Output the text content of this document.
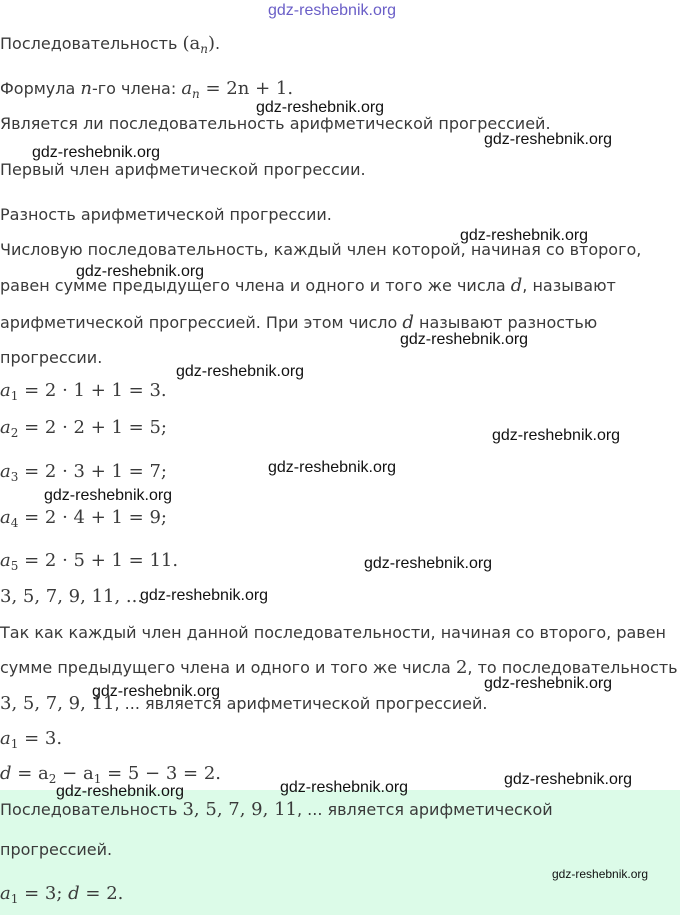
gdz-reshebnik.org
Последовательность $(a_n)$.
Формула n-го члена: $a_n = 2n + 1$.
Является ли последовательность арифметической прогрессией.
Первый член арифметической прогрессии.
Разность арифметической прогрессии.
Числовую последовательность, каждый член которой, начиная со второго,
равен сумме предыдущего члена и одного и того же числа d, называют
арифметической прогрессией. При этом число d называют разностью
прогрессии.
$a_1 = 2 \cdot 1 + 1 = 3$.
$a_2 = 2 \cdot 2 + 1 = 5$;
$a_3 = 2 \cdot 3 + 1 = 7$;
$a_4 = 2 \cdot 4 + 1 = 9$;
$a_5 = 2 \cdot 5 + 1 = 11$.
3, 5, 7, 9, 11, ...
Так как каждый член данной последовательности, начиная со второго, равен
сумме предыдущего члена и одного и того же числа 2, то последовательность
3, 5, 7, 9, 11, ... является арифметической прогрессией.
$a_1 = 3$.
$d = a_2 - a_1 = 5 - 3 = 2$.
Последовательность 3, 5, 7, 9, 11, ... является арифметической
прогрессией.
$a_1 = 3$; d = 2.
gdz-reshebnik.org
gdz-reshebnik.org
gdz-reshebnik.org
gdz-reshebnik.org
gdz-reshebnik.org
gdz-reshebnik.org
gdz-reshebnik.org
gdz-reshebnik.org
gdz-reshebnik.org
gdz-reshebnik.org
gdz-reshebnik.org
gdz-reshebnik.org
gdz-reshebnik.org
gdz-reshebnik.org
gdz-reshebnik.org
gdz-reshebnik.org
gdz-reshebnik.org
gdz-reshebnik.org
